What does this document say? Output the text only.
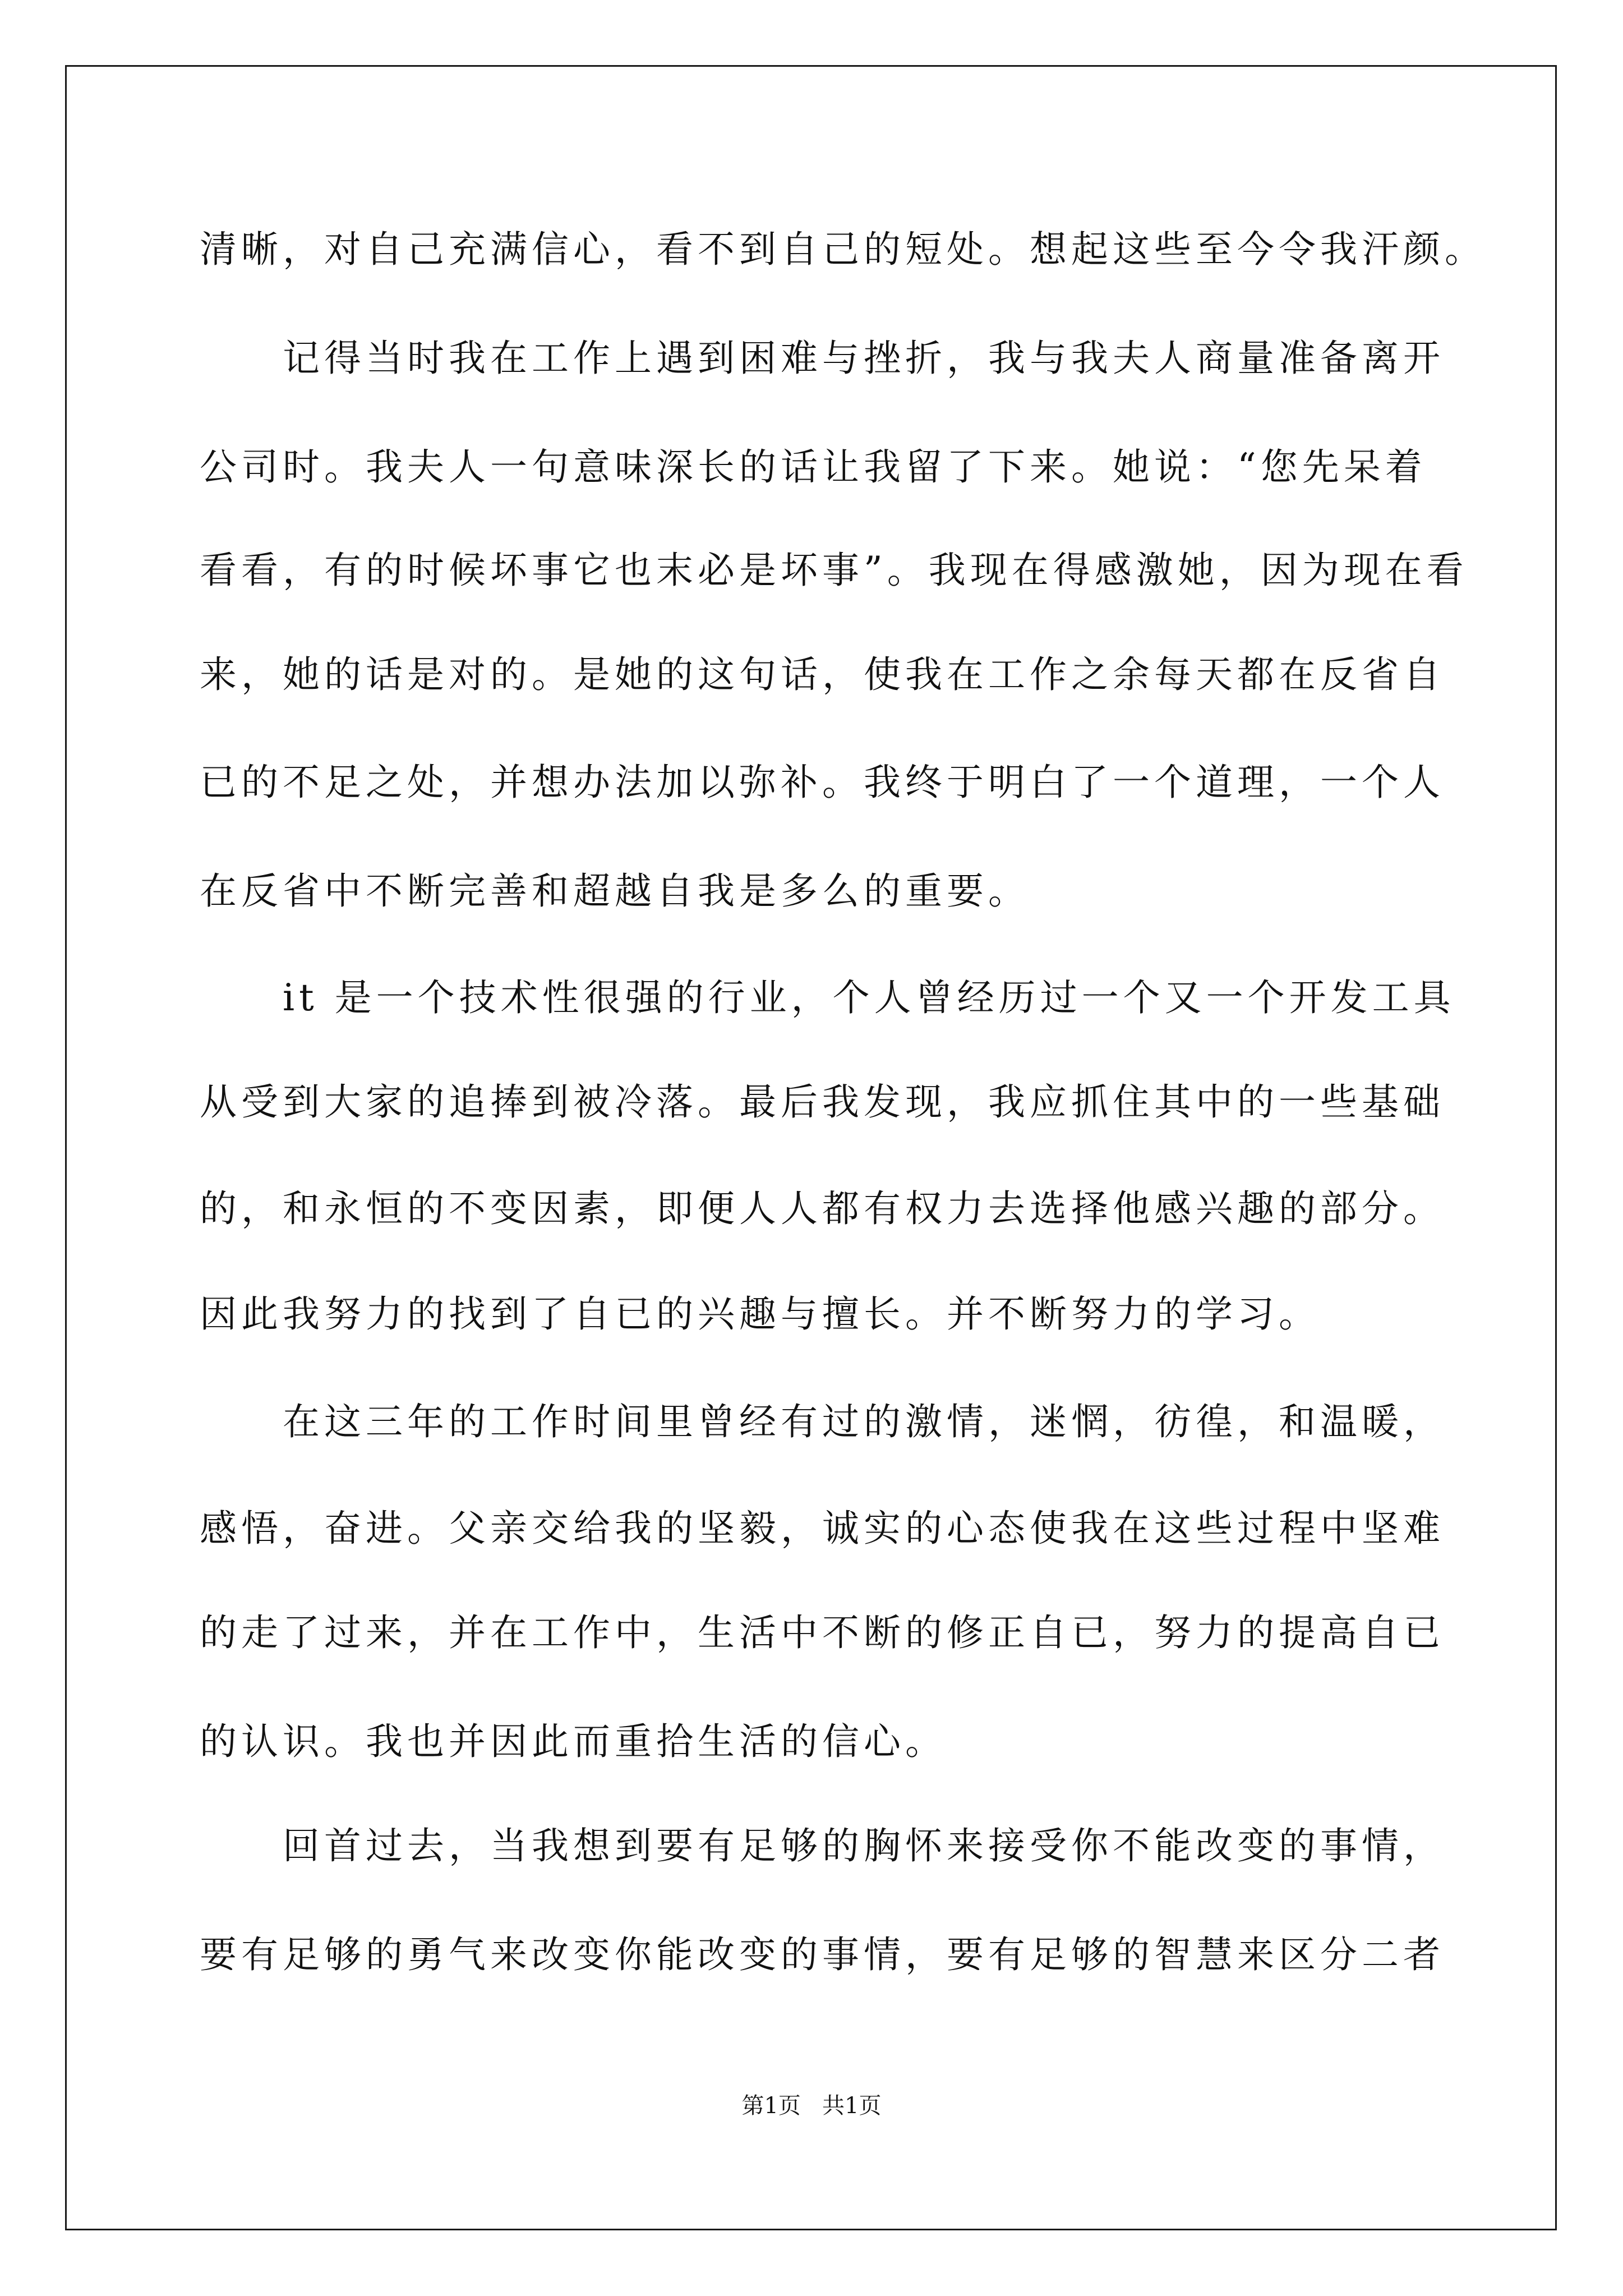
清晰，对自己充满信心，看不到自己的短处。想起这些至今令我汗颜。
记得当时我在工作上遇到困难与挫折，我与我夫人商量准备离开
公司时。我夫人一句意味深长的话让我留了下来。她说：“您先呆着
看看，有的时候坏事它也末必是坏事”。我现在得感激她，因为现在看
来，她的话是对的。是她的这句话，使我在工作之余每天都在反省自
已的不足之处，并想办法加以弥补。我终于明白了一个道理，一个人
在反省中不断完善和超越自我是多么的重要。
it 是一个技术性很强的行业，个人曾经历过一个又一个开发工具
从受到大家的追捧到被冷落。最后我发现，我应抓住其中的一些基础
的，和永恒的不变因素，即便人人都有权力去选择他感兴趣的部分。
因此我努力的找到了自已的兴趣与擅长。并不断努力的学习。
在这三年的工作时间里曾经有过的激情，迷惘，彷徨，和温暖，
感悟，奋进。父亲交给我的坚毅，诚实的心态使我在这些过程中坚难
的走了过来，并在工作中，生活中不断的修正自已，努力的提高自已
的认识。我也并因此而重拾生活的信心。
回首过去，当我想到要有足够的胸怀来接受你不能改变的事情，
要有足够的勇气来改变你能改变的事情，要有足够的智慧来区分二者
第1页   共1页
